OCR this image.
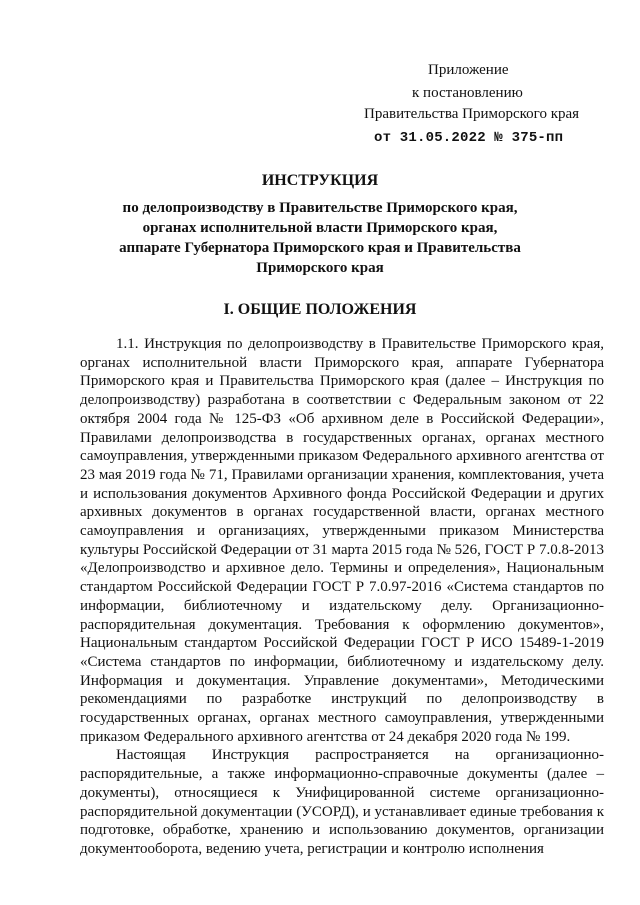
Приложение
к постановлению
Правительства Приморского края
от 31.05.2022 № 375-пп
ИНСТРУКЦИЯ
по делопроизводству в Правительстве Приморского края,
органах исполнительной власти Приморского края,
аппарате Губернатора Приморского края и Правительства
Приморского края
I. ОБЩИЕ ПОЛОЖЕНИЯ

1.1. Инструкция по делопроизводству в Правительстве Приморского края, органах исполнительной власти Приморского края, аппарате Губернатора Приморского края и Правительства Приморского края (далее – Инструкция по делопроизводству) разработана в соответствии с Федеральным законом от 22 октября 2004 года № 125-ФЗ «Об архивном деле в Российской Федерации», Правилами делопроизводства в государственных органах, органах местного самоуправления, утвержденными приказом Федерального архивного агентства от 23 мая 2019 года № 71, Правилами организации хранения, комплектования, учета и использования документов Архивного фонда Российской Федерации и других архивных документов в органах государственной власти, органах местного самоуправления и организациях, утвержденными приказом Министерства культуры Российской Федерации от 31 марта 2015 года № 526, ГОСТ Р 7.0.8-2013 «Делопроизводство и архивное дело. Термины и определения», Национальным стандартом Российской Федерации ГОСТ Р 7.0.97-2016 «Система стандартов по информации, библиотечному и издательскому делу. Организационно-распорядительная документация. Требования к оформлению документов», Национальным стандартом Российской Федерации ГОСТ Р ИСО 15489-1-2019 «Система стандартов по информации, библиотечному и издательскому делу. Информация и документация. Управление документами», Методическими рекомендациями по разработке инструкций по делопроизводству в государственных органах, органах местного самоуправления, утвержденными приказом Федерального архивного агентства от 24 декабря 2020 года № 199.

Настоящая Инструкция распространяется на организационно-распорядительные, а также информационно-справочные документы (далее – документы), относящиеся к Унифицированной системе организационно-распорядительной документации (УСОРД), и устанавливает единые требования к подготовке, обработке, хранению и использованию документов, организации документооборота, ведению учета, регистрации и контролю исполнения
